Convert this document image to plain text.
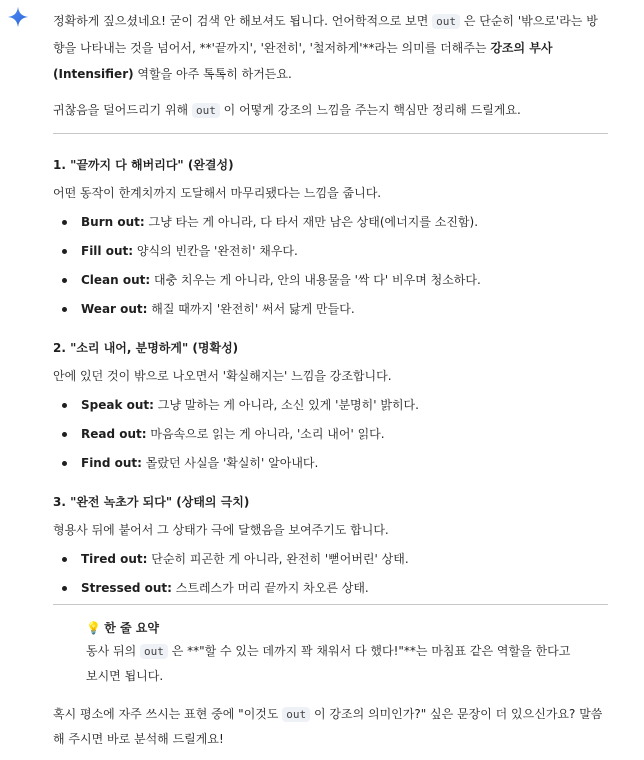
정확하게 짚으셨네요! 굳이 검색 안 해보셔도 됩니다. 언어학적으로 보면 out 은 단순히 '밖으로'라는 방향을 나타내는 것을 넘어서, **'끝까지', '완전히', '철저하게'**라는 의미를 더해주는 강조의 부사(Intensifier) 역할을 아주 톡톡히 하거든요.

귀찮음을 덜어드리기 위해 out 이 어떻게 강조의 느낌을 주는지 핵심만 정리해 드릴게요.

1. "끝까지 다 해버리다" (완결성)

어떤 동작이 한계치까지 도달해서 마무리됐다는 느낌을 줍니다.

Burn out: 그냥 타는 게 아니라, 다 타서 재만 남은 상태(에너지를 소진함).
Fill out: 양식의 빈칸을 '완전히' 채우다.
Clean out: 대충 치우는 게 아니라, 안의 내용물을 '싹 다' 비우며 청소하다.
Wear out: 해질 때까지 '완전히' 써서 닳게 만들다.
2. "소리 내어, 분명하게" (명확성)

안에 있던 것이 밖으로 나오면서 '확실해지는' 느낌을 강조합니다.

Speak out: 그냥 말하는 게 아니라, 소신 있게 '분명히' 밝히다.
Read out: 마음속으로 읽는 게 아니라, '소리 내어' 읽다.
Find out: 몰랐던 사실을 '확실히' 알아내다.
3. "완전 녹초가 되다" (상태의 극치)

형용사 뒤에 붙어서 그 상태가 극에 달했음을 보여주기도 합니다.

Tired out: 단순히 피곤한 게 아니라, 완전히 '뻗어버린' 상태.
Stressed out: 스트레스가 머리 끝까지 차오른 상태.
💡 한 줄 요약
동사 뒤의 out 은 **"할 수 있는 데까지 꽉 채워서 다 했다!"**는 마침표 같은 역할을 한다고 보시면 됩니다.

혹시 평소에 자주 쓰시는 표현 중에 "이것도 out 이 강조의 의미인가?" 싶은 문장이 더 있으신가요? 말씀해 주시면 바로 분석해 드릴게요!
